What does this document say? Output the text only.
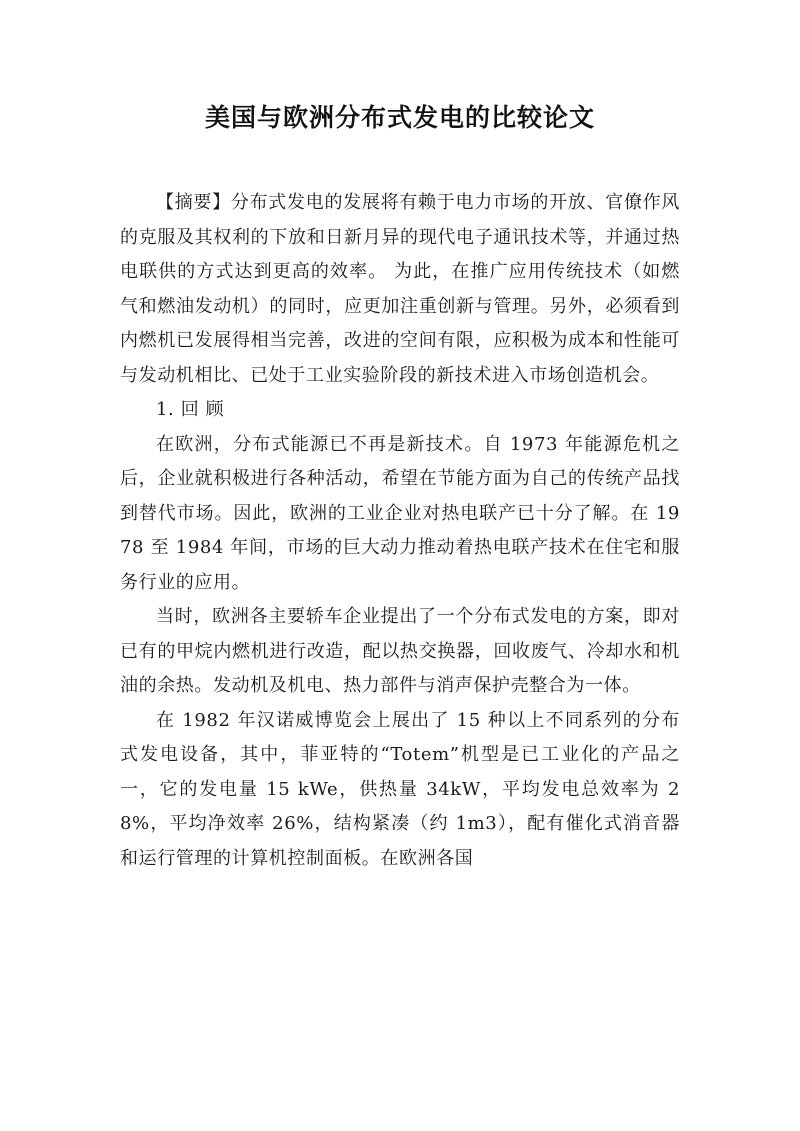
美国与欧洲分布式发电的比较论文

【摘要】分布式发电的发展将有赖于电力市场的开放、官僚作风的克服及其权利的下放和日新月异的现代电子通讯技术等，并通过热电联供的方式达到更高的效率。 为此，在推广应用传统技术（如燃气和燃油发动机）的同时，应更加注重创新与管理。另外，必须看到内燃机已发展得相当完善，改进的空间有限，应积极为成本和性能可与发动机相比、已处于工业实验阶段的新技术进入市场创造机会。

1. 回 顾

在欧洲，分布式能源已不再是新技术。自 1973 年能源危机之后，企业就积极进行各种活动，希望在节能方面为自己的传统产品找到替代市场。因此，欧洲的工业企业对热电联产已十分了解。在 1978 至 1984 年间，市场的巨大动力推动着热电联产技术在住宅和服务行业的应用。

当时，欧洲各主要轿车企业提出了一个分布式发电的方案，即对已有的甲烷内燃机进行改造，配以热交换器，回收废气、冷却水和机油的余热。发动机及机电、热力部件与消声保护壳整合为一体。

在 1982 年汉诺威博览会上展出了 15 种以上不同系列的分布式发电设备，其中，菲亚特的“Totem”机型是已工业化的产品之一，它的发电量 15 kWe，供热量 34kW，平均发电总效率为 28%，平均净效率 26%，结构紧凑（约 1m3），配有催化式消音器和运行管理的计算机控制面板。在欧洲各国
